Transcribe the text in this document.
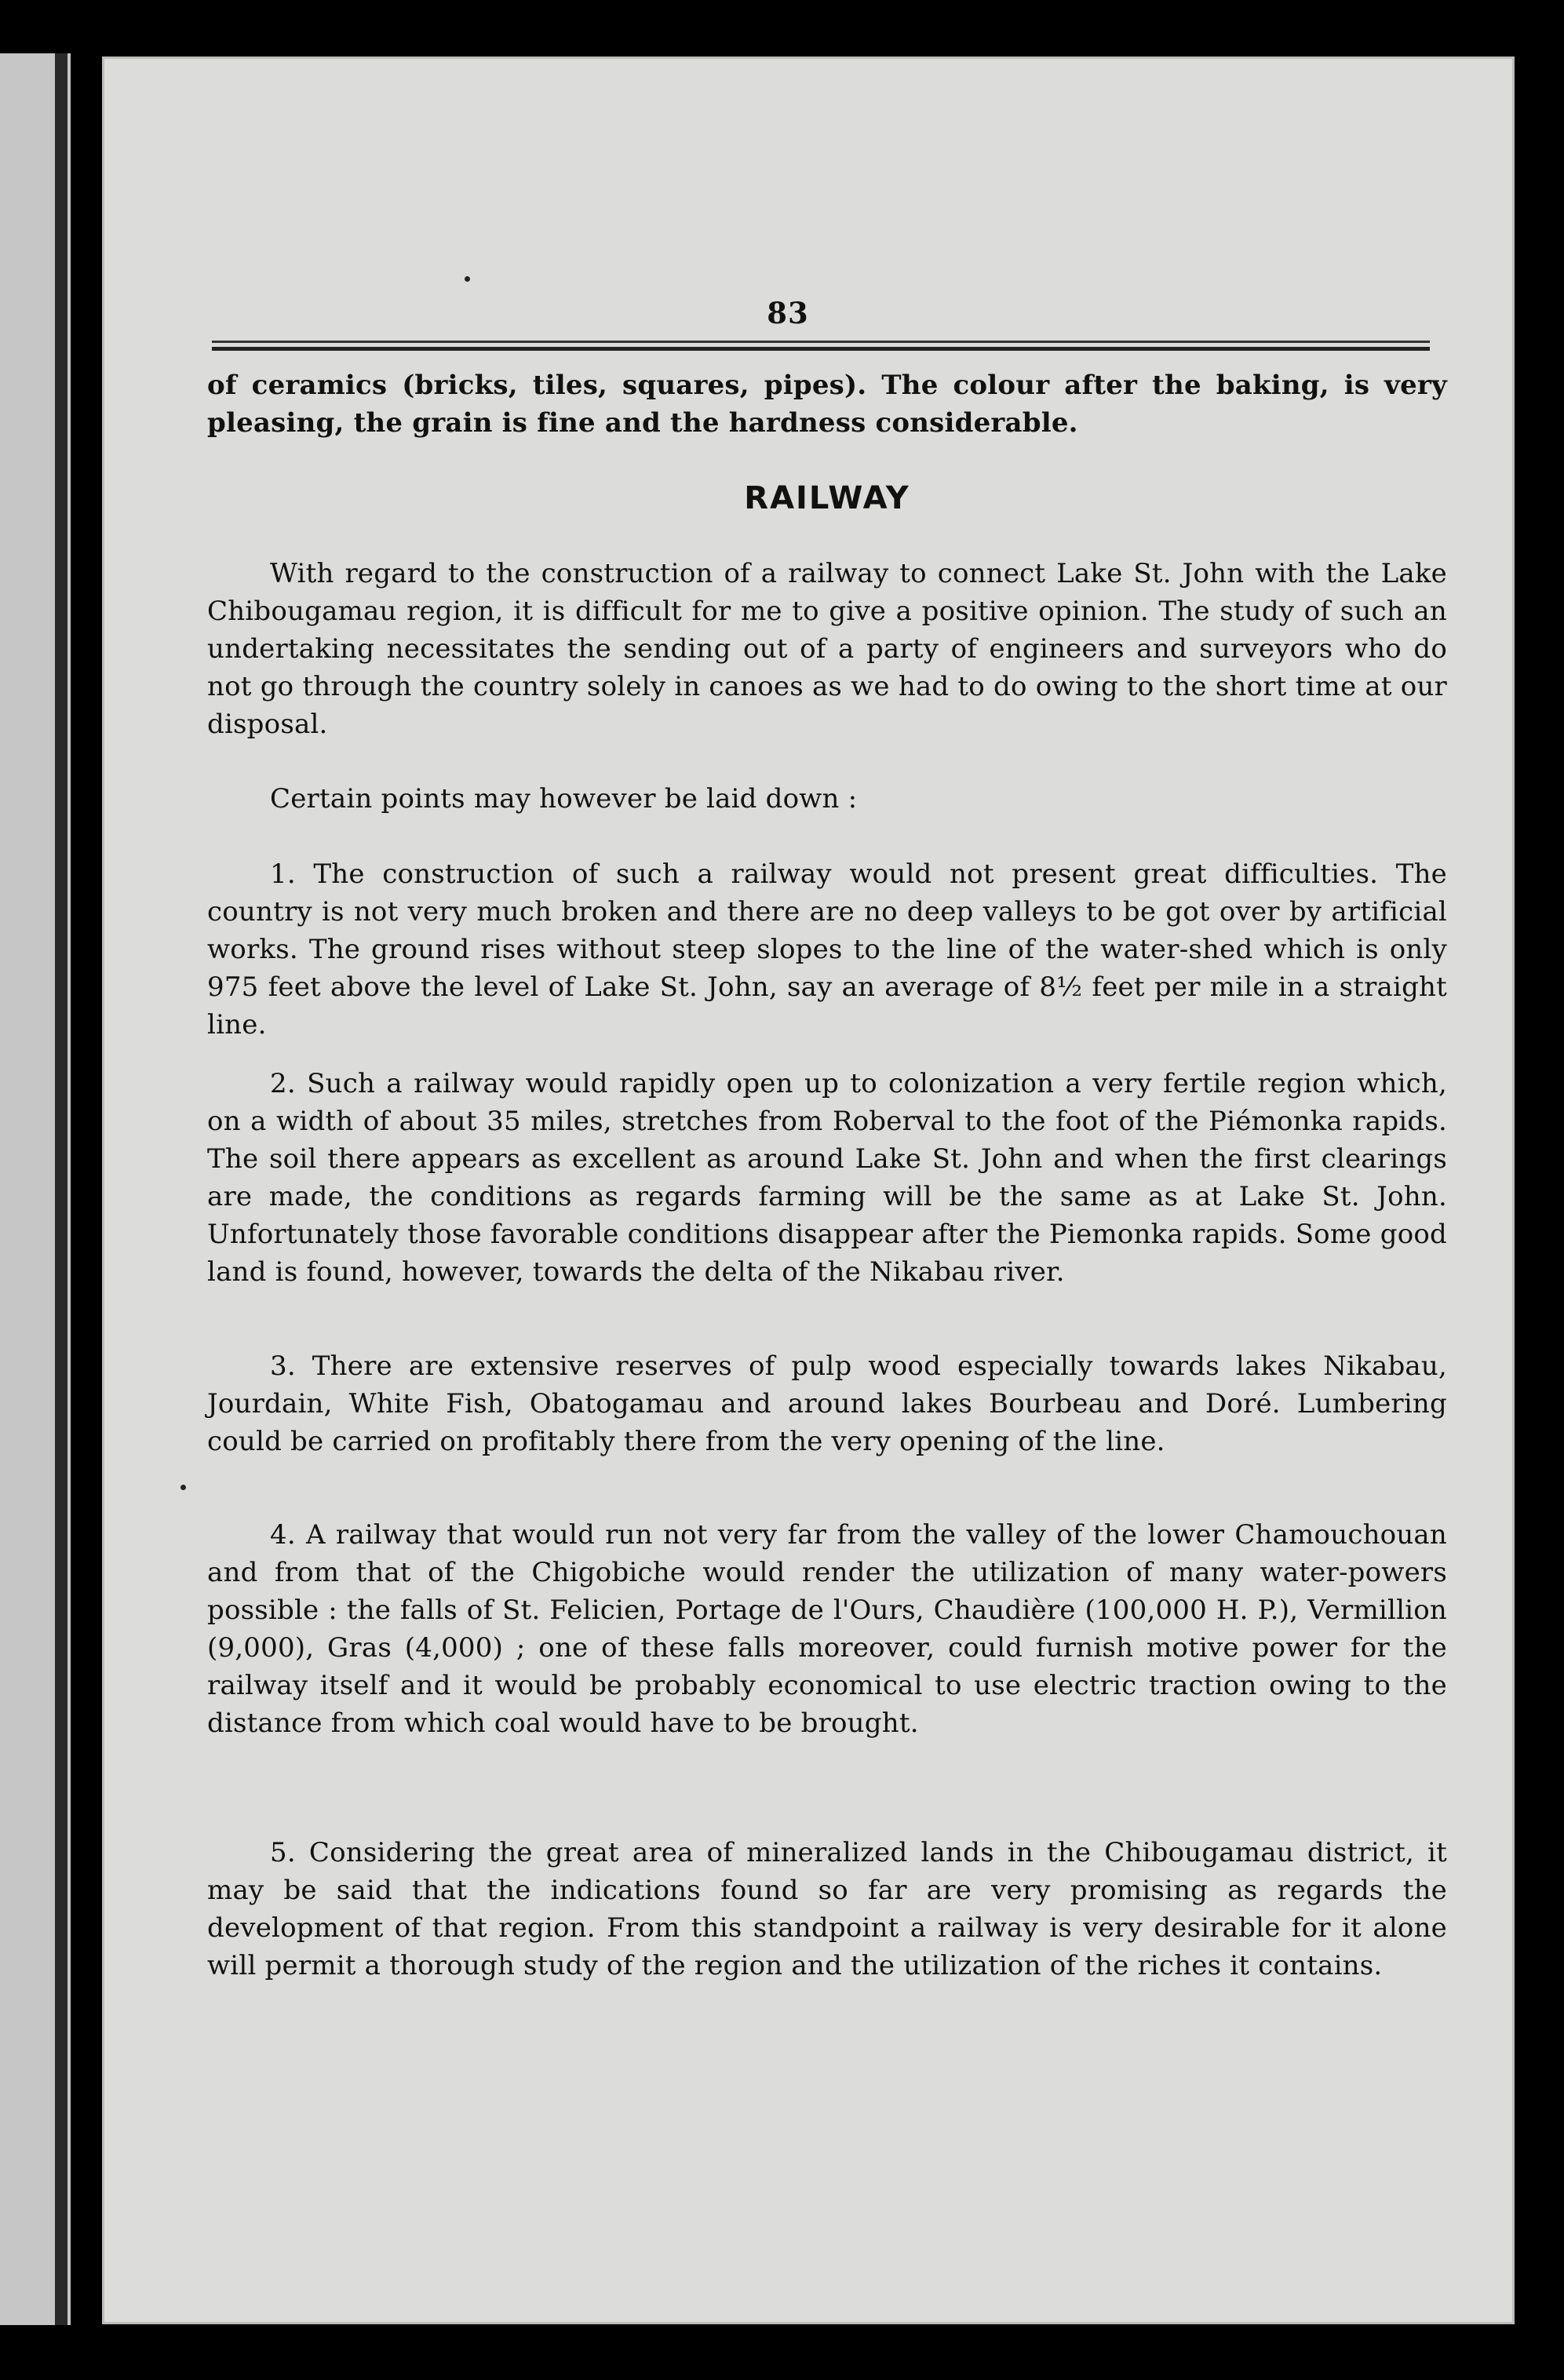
83
of ceramics (bricks, tiles, squares, pipes). The colour after the baking, is very pleasing, the grain is fine and the hardness considerable.
RAILWAY
With regard to the construction of a railway to connect Lake St. John with the Lake Chibougamau region, it is difficult for me to give a positive opinion. The study of such an undertaking necessitates the sending out of a party of engineers and surveyors who do not go through the country solely in canoes as we had to do owing to the short time at our disposal.
Certain points may however be laid down :
1. The construction of such a railway would not present great difficulties. The country is not very much broken and there are no deep valleys to be got over by artificial works. The ground rises without steep slopes to the line of the water-shed which is only 975 feet above the level of Lake St. John, say an average of 8½ feet per mile in a straight line.
2. Such a railway would rapidly open up to colonization a very fertile region which, on a width of about 35 miles, stretches from Roberval to the foot of the Piémonka rapids. The soil there appears as excellent as around Lake St. John and when the first clearings are made, the conditions as regards farming will be the same as at Lake St. John. Unfortunately those favorable conditions disappear after the Piemonka rapids. Some good land is found, however, towards the delta of the Nikabau river.
3. There are extensive reserves of pulp wood especially towards lakes Nikabau, Jourdain, White Fish, Obatogamau and around lakes Bourbeau and Doré. Lumbering could be carried on profitably there from the very opening of the line.
4. A railway that would run not very far from the valley of the lower Chamouchouan and from that of the Chigobiche would render the utilization of many water-powers possible : the falls of St. Felicien, Portage de l'Ours, Chaudière (100,000 H. P.), Vermillion (9,000), Gras (4,000) ; one of these falls moreover, could furnish motive power for the railway itself and it would be probably economical to use electric traction owing to the distance from which coal would have to be brought.
5. Considering the great area of mineralized lands in the Chibougamau district, it may be said that the indications found so far are very promising as regards the development of that region. From this standpoint a railway is very desirable for it alone will permit a thorough study of the region and the utilization of the riches it contains.
